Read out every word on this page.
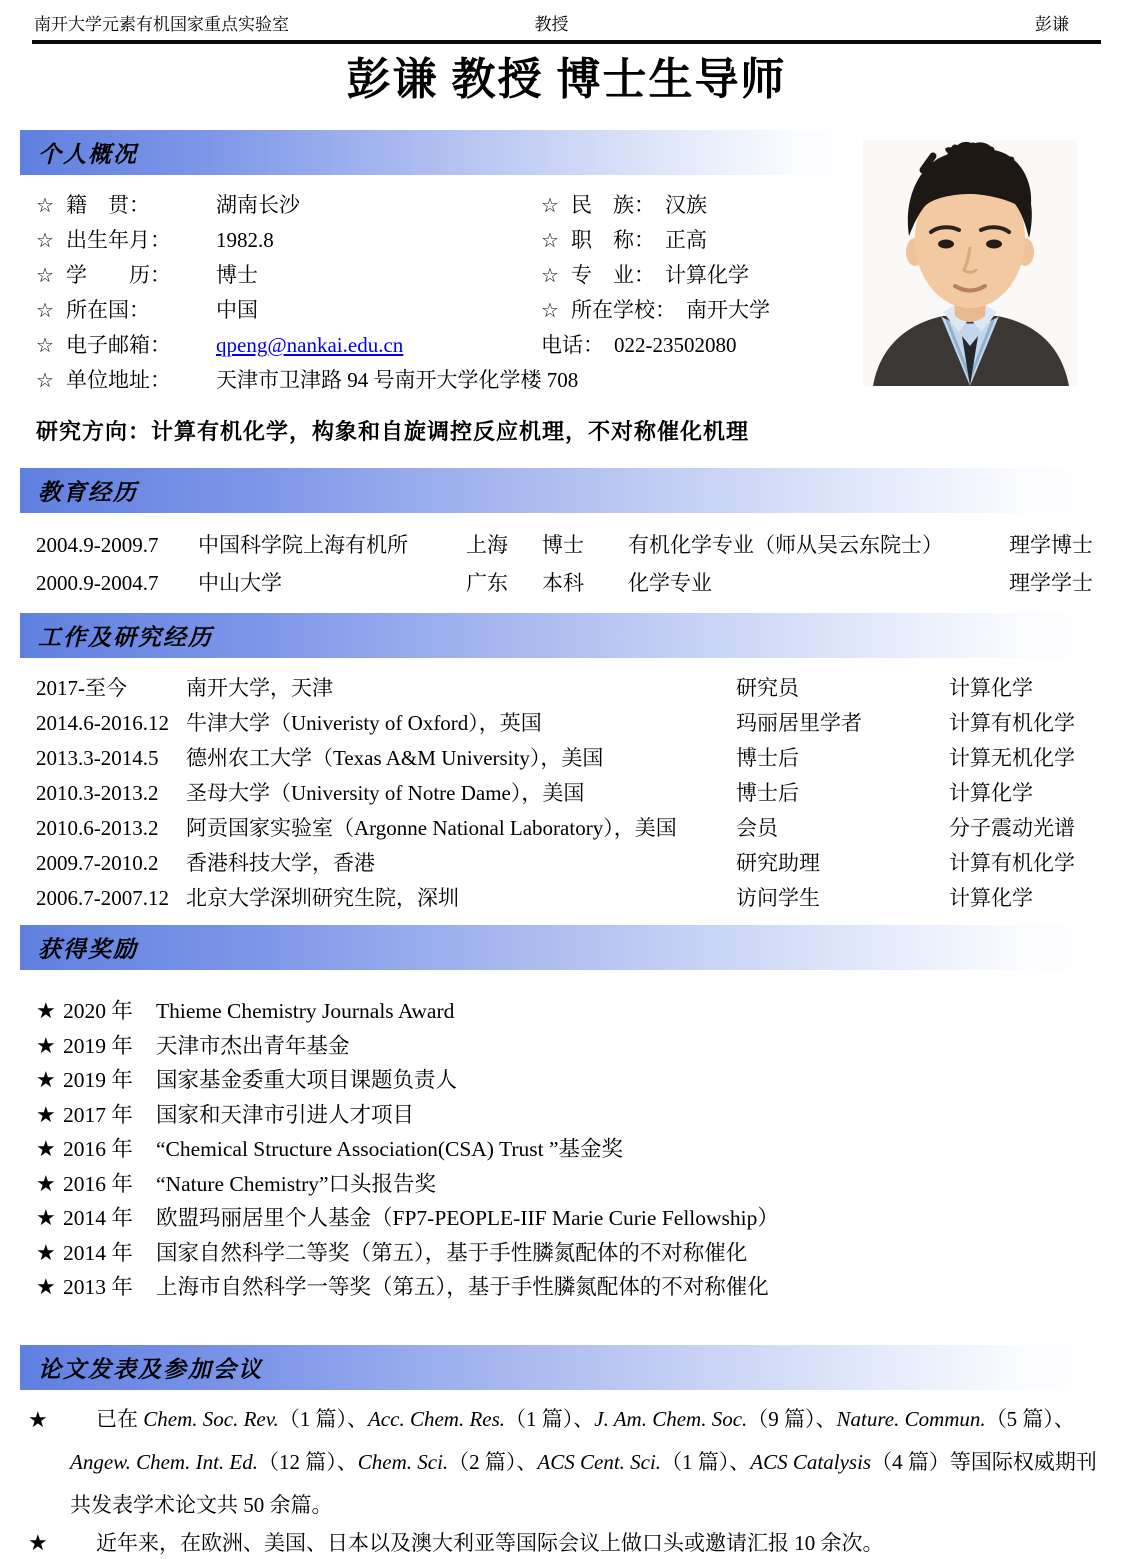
南开大学元素有机国家重点实验室	教授	彭谦
彭谦 教授 博士生导师
个人概况
☆ 籍　贯：	湖南长沙	☆ 民　族： 汉族
☆ 出生年月：	1982.8	☆ 职　称： 正高
☆ 学　　历：	博士	☆ 专　业： 计算化学
☆ 所在国：	中国	☆ 所在学校： 南开大学
☆ 电子邮箱：	qpeng@nankai.edu.cn	电话： 022-23502080
☆ 单位地址：	天津市卫津路 94 号南开大学化学楼 708
研究方向：计算有机化学，构象和自旋调控反应机理，不对称催化机理
教育经历
2004.9-2009.7	中国科学院上海有机所	上海	博士	有机化学专业（师从吴云东院士）	理学博士
2000.9-2004.7	中山大学	广东	本科	化学专业	理学学士
工作及研究经历
2017-至今	南开大学，天津	研究员	计算化学
2014.6-2016.12 牛津大学（Univeristy of Oxford），英国	玛丽居里学者	计算有机化学
2013.3-2014.5	德州农工大学（Texas A&M University），美国	博士后	计算无机化学
2010.3-2013.2	圣母大学（University of Notre Dame），美国	博士后	计算化学
2010.6-2013.2	阿贡国家实验室（Argonne National Laboratory），美国	会员	分子震动光谱
2009.7-2010.2	香港科技大学，香港	研究助理	计算有机化学
2006.7-2007.12 北京大学深圳研究生院，深圳	访问学生	计算化学
获得奖励
★ 2020 年	Thieme Chemistry Journals Award
★ 2019 年	天津市杰出青年基金
★ 2019 年	国家基金委重大项目课题负责人
★ 2017 年	国家和天津市引进人才项目
★ 2016 年	“Chemical Structure Association(CSA) Trust ”基金奖
★ 2016 年	“Nature Chemistry”口头报告奖
★ 2014 年	欧盟玛丽居里个人基金（FP7-PEOPLE-IIF Marie Curie Fellowship）
★ 2014 年	国家自然科学二等奖（第五），基于手性膦氮配体的不对称催化
★ 2013 年	上海市自然科学一等奖（第五），基于手性膦氮配体的不对称催化
论文发表及参加会议
★	已在 Chem. Soc. Rev.（1 篇）、Acc. Chem. Res.（1 篇）、J. Am. Chem. Soc.（9 篇）、Nature. Commun.（5 篇）、Angew. Chem. Int. Ed.（12 篇）、Chem. Sci.（2 篇）、ACS Cent. Sci.（1 篇）、ACS Catalysis（4 篇）等国际权威期刊共发表学术论文共 50 余篇。
★	近年来，在欧洲、美国、日本以及澳大利亚等国际会议上做口头或邀请汇报 10 余次。
